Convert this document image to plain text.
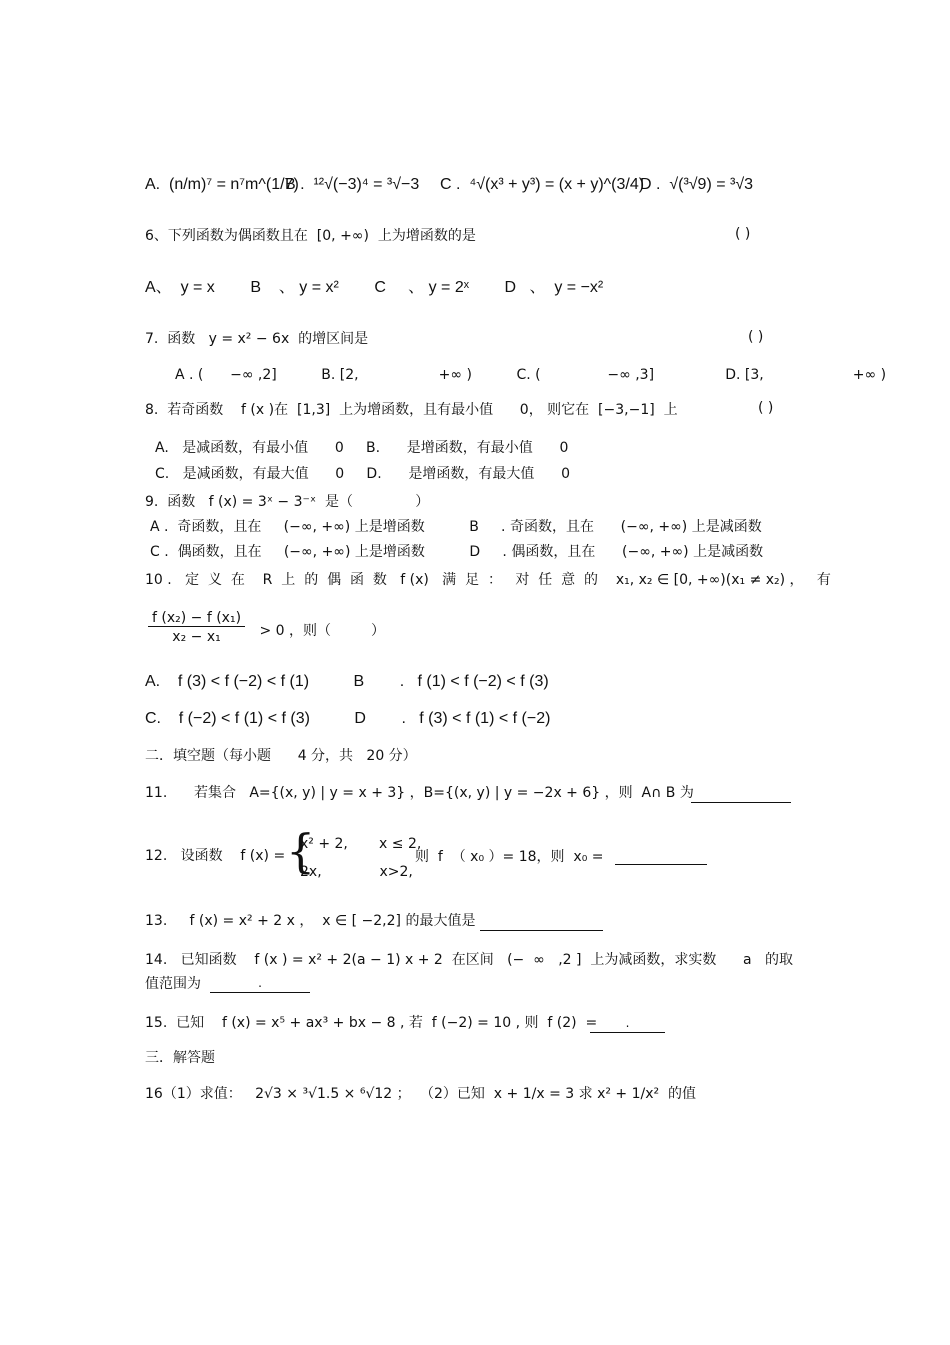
A.  (n/m)⁷ = n⁷m^(1/7)
B .  ¹²√(−3)⁴ = ³√−3 C .  ⁴√(x³ + y³) = (x + y)^(3/4)
D .  √(³√9) = ³√3
6、下列函数为偶函数且在  [0, +∞)  上为增函数的是	( )
A、  y = x        B    、 y = x²        C     、 y = 2ˣ        D   、  y = −x²
7.  函数   y = x² − 6x  的增区间是	( )
A . (      −∞ ,2]          B. [2,                  +∞ )          C. (               −∞ ,3]                D. [3,                    +∞ )
8.  若奇函数    f (x )在  [1,3]  上为增函数，且有最小值      0， 则它在  [−3,−1]  上	( )
A.   是减函数，有最小值      0     B.      是增函数，有最小值      0
C.   是减函数，有最大值      0     D.      是增函数，有最大值      0
9.  函数   f (x) = 3ˣ − 3⁻ˣ  是（              ）
A .  奇函数，且在     (−∞, +∞) 上是增函数          B     . 奇函数，且在      (−∞, +∞) 上是减函数
C .  偶函数，且在     (−∞, +∞) 上是增函数          D     . 偶函数，且在      (−∞, +∞) 上是减函数
10 .   定  义  在    R  上  的  偶  函  数   f (x)   满  足  ：   对  任  意  的    x₁, x₂ ∈ [0, +∞)(x₁ ≠ x₂) ，   有
$\frac{\text{f (x₂) − f (x₁)}}{\text{x₂ − x₁}} > 0$ ，则（         ）
A.    f (3) < f (−2) < f (1)          B        .   f (1) < f (−2) < f (3)
C.    f (−2) < f (1) < f (3)          D        .   f (3) < f (1) < f (−2)
二．填空题（每小题      4 分，共   20 分）
11.      若集合   A={(x, y) | y = x + 3} ，B={(x, y) | y = −2x + 6} ，则  A∩ B 为
12.   设函数    f (x) = {
x² + 2,       x ≤ 2,
2x,             x>2,
则  f  （ x₀ ）= 18，则  x₀ =
13.     f (x) = x² + 2 x ，  x ∈ [ −2,2] 的最大值是
14.   已知函数    f (x ) = x² + 2(a − 1) x + 2  在区间   (−  ∞   ,2 ]  上为减函数，求实数      a   的取
值范围为	.
15.  已知    f (x) = x⁵ + ax³ + bx − 8 , 若  f (−2) = 10 , 则  f (2)  =	.
三．解答题
16（1）求值：   2√3 × ³√1.5 × ⁶√12 ； （2）已知  x + 1/x = 3 求 x² + 1/x²  的值
